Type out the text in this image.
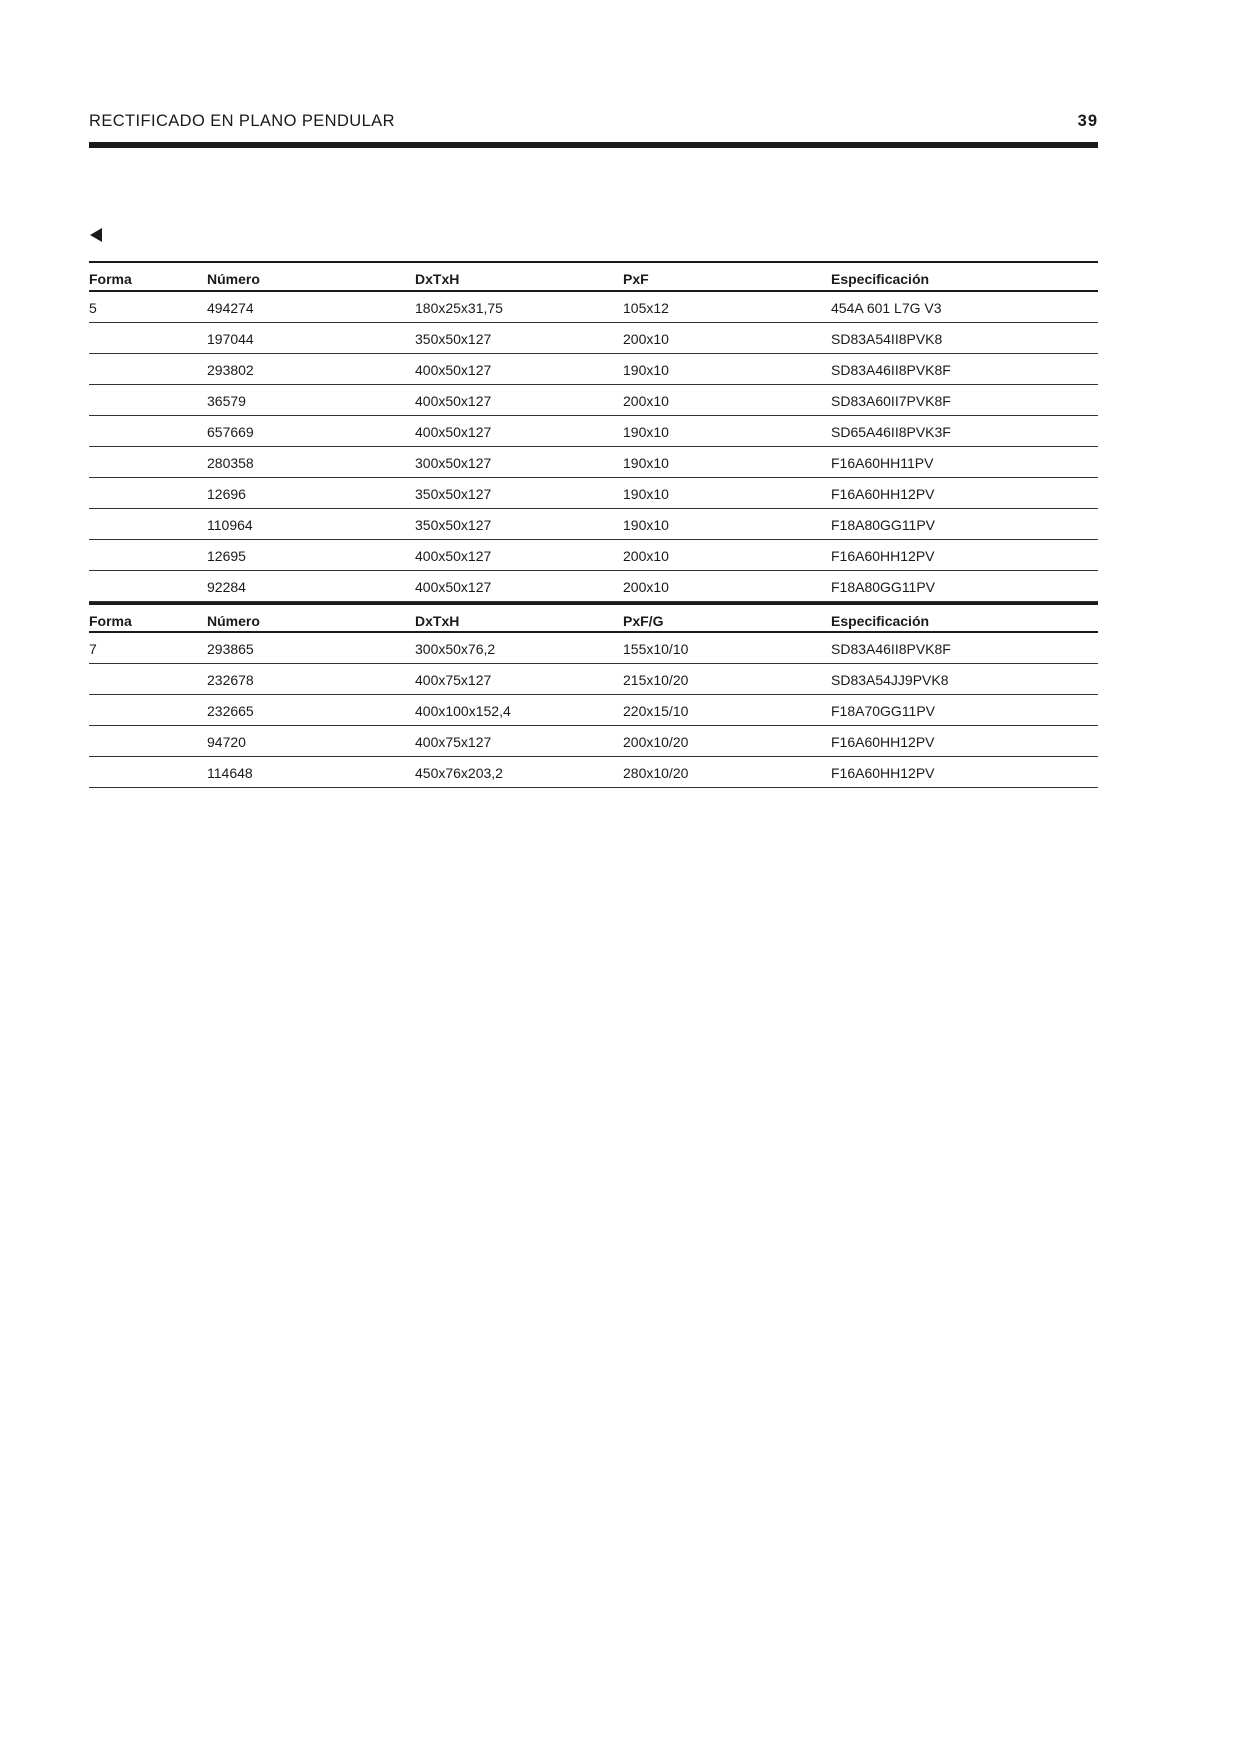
RECTIFICADO EN PLANO PENDULAR	39
Forma	Número	DxTxH	PxF	Especificación
5	494274	180x25x31,75	105x12	454A 601 L7G V3
197044	350x50x127	200x10	SD83A54II8PVK8
293802	400x50x127	190x10	SD83A46II8PVK8F
36579	400x50x127	200x10	SD83A60II7PVK8F
657669	400x50x127	190x10	SD65A46II8PVK3F
280358	300x50x127	190x10	F16A60HH11PV
12696	350x50x127	190x10	F16A60HH12PV
110964	350x50x127	190x10	F18A80GG11PV
12695	400x50x127	200x10	F16A60HH12PV
92284	400x50x127	200x10	F18A80GG11PV
Forma	Número	DxTxH	PxF/G	Especificación
7	293865	300x50x76,2	155x10/10	SD83A46II8PVK8F
232678	400x75x127	215x10/20	SD83A54JJ9PVK8
232665	400x100x152,4	220x15/10	F18A70GG11PV
94720	400x75x127	200x10/20	F16A60HH12PV
114648	450x76x203,2	280x10/20	F16A60HH12PV
